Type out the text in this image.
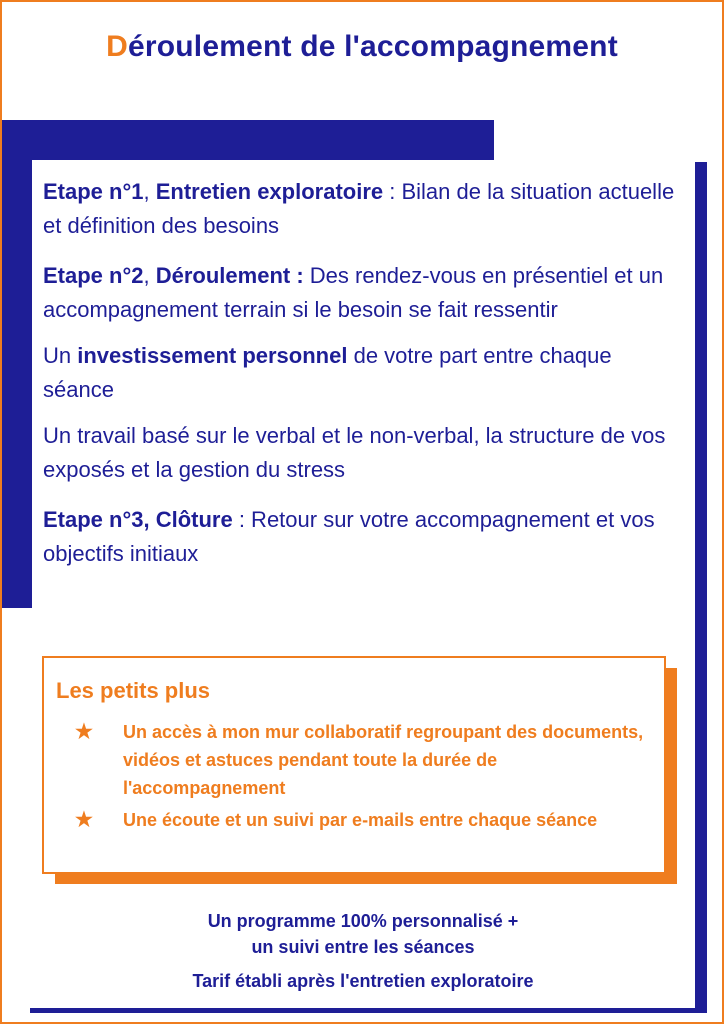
Déroulement de l'accompagnement

Etape n°1, Entretien exploratoire : Bilan de la situation actuelle et définition des besoins

Etape n°2, Déroulement : Des rendez-vous en présentiel et un accompagnement terrain si le besoin se fait ressentir

Un investissement personnel de votre part entre chaque séance

Un travail basé sur le verbal et le non-verbal, la structure de vos exposés et la gestion du stress

Etape n°3, Clôture : Retour sur votre accompagnement et vos objectifs initiaux

Les petits plus
★ Un accès à mon mur collaboratif regroupant des documents, vidéos et astuces pendant toute la durée de l'accompagnement
★ Une écoute et un suivi par e-mails entre chaque séance
Un programme 100% personnalisé +
un suivi entre les séances
Tarif établi après l'entretien exploratoire
